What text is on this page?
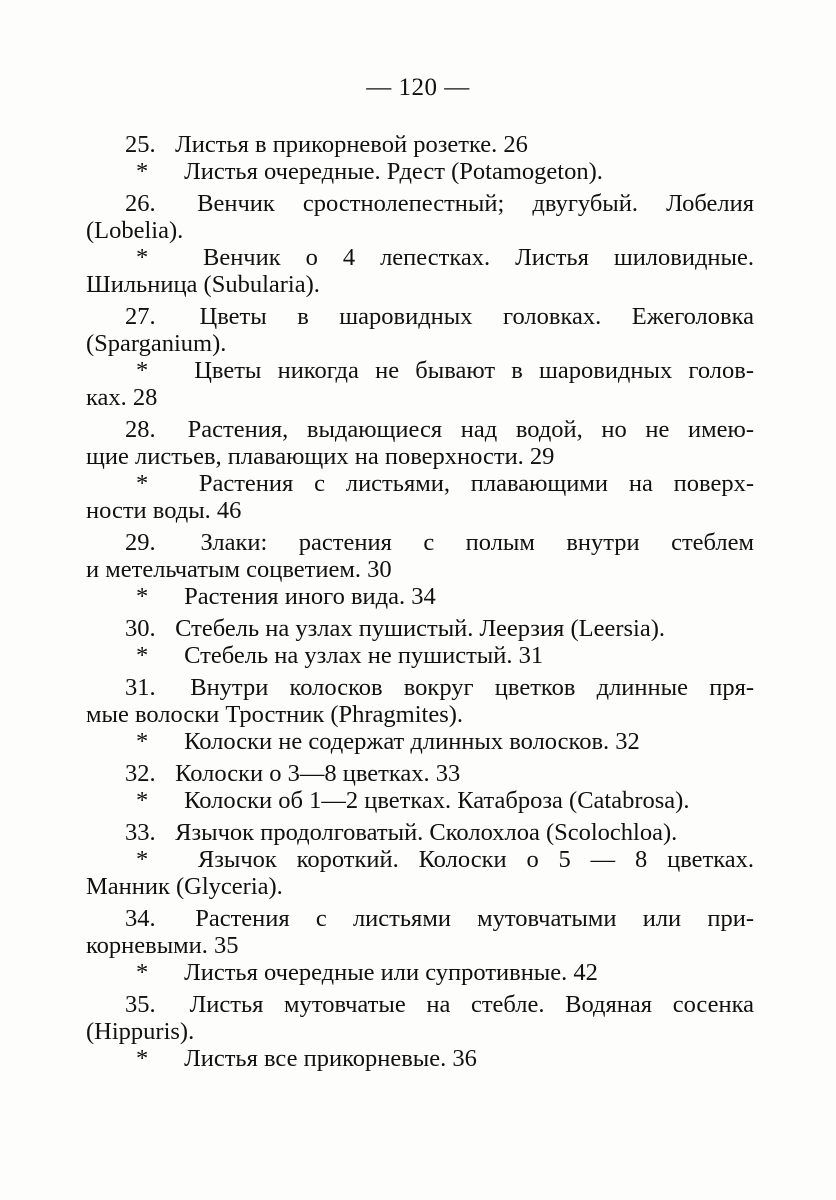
— 120 —
25. Листья в прикорневой розетке. 26
* Листья очередные. Рдест (Potamogeton).
26. Венчик сростнолепестный; двугубый. Лобелия
(Lobelia).
* Венчик о 4 лепестках. Листья шиловидные.
Шильница (Subularia).
27. Цветы в шаровидных головках. Ежеголовка
(Sparganium).
* Цветы никогда не бывают в шаровидных голов-
ках. 28
28. Растения, выдающиеся над водой, но не имею-
щие листьев, плавающих на поверхности. 29
* Растения с листьями, плавающими на поверх-
ности воды. 46
29. Злаки: растения с полым внутри стеблем
и метельчатым соцветием. 30
* Растения иного вида. 34
30. Стебель на узлах пушистый. Леерзия (Leersia).
* Стебель на узлах не пушистый. 31
31. Внутри колосков вокруг цветков длинные пря-
мые волоски Тростник (Phragmites).
* Колоски не содержат длинных волосков. 32
32. Колоски о 3—8 цветках. 33
* Колоски об 1—2 цветках. Катаброза (Catabrosa).
33. Язычок продолговатый. Сколохлоа (Scolochloa).
* Язычок короткий. Колоски о 5 — 8 цветках.
Манник (Glyceria).
34. Растения с листьями мутовчатыми или при-
корневыми. 35
* Листья очередные или супротивные. 42
35. Листья мутовчатые на стебле. Водяная сосенка
(Hippuris).
* Листья все прикорневые. 36
